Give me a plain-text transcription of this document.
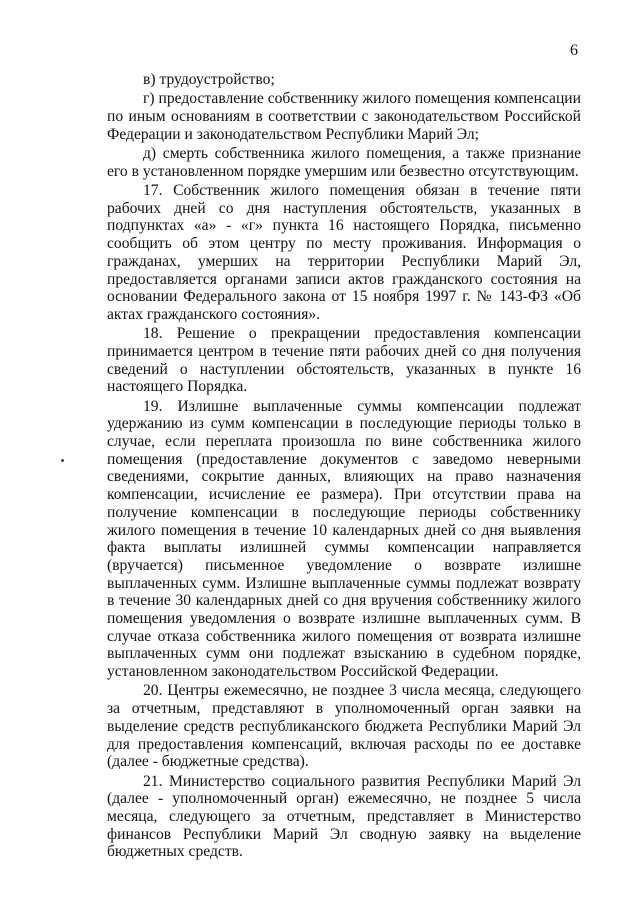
6

в) трудоустройство;

г) предоставление собственнику жилого помещения компенсации по иным основаниям в соответствии с законодательством Российской Федерации и законодательством Республики Марий Эл;

д) смерть собственника жилого помещения, а также признание его в установленном порядке умершим или безвестно отсутствующим.

17. Собственник жилого помещения обязан в течение пяти рабочих дней со дня наступления обстоятельств, указанных в подпунктах «а» - «г» пункта 16 настоящего Порядка, письменно сообщить об этом центру по месту проживания. Информация о гражданах, умерших на территории Республики Марий Эл, предоставляется органами записи актов гражданского состояния на основании Федерального закона от 15 ноября 1997 г. № 143-ФЗ «Об актах гражданского состояния».

18. Решение о прекращении предоставления компенсации принимается центром в течение пяти рабочих дней со дня получения сведений о наступлении обстоятельств, указанных в пункте 16 настоящего Порядка.

19. Излишне выплаченные суммы компенсации подлежат удержанию из сумм компенсации в последующие периоды только в случае, если переплата произошла по вине собственника жилого помещения (предоставление документов с заведомо неверными сведениями, сокрытие данных, влияющих на право назначения компенсации, исчисление ее размера). При отсутствии права на получение компенсации в последующие периоды собственнику жилого помещения в течение 10 календарных дней со дня выявления факта выплаты излишней суммы компенсации направляется (вручается) письменное уведомление о возврате излишне выплаченных сумм. Излишне выплаченные суммы подлежат возврату в течение 30 календарных дней со дня вручения собственнику жилого помещения уведомления о возврате излишне выплаченных сумм. В случае отказа собственника жилого помещения от возврата излишне выплаченных сумм они подлежат взысканию в судебном порядке, установленном законодательством Российской Федерации.

20. Центры ежемесячно, не позднее 3 числа месяца, следующего за отчетным, представляют в уполномоченный орган заявки на выделение средств республиканского бюджета Республики Марий Эл для предоставления компенсаций, включая расходы по ее доставке (далее - бюджетные средства).

21. Министерство социального развития Республики Марий Эл (далее - уполномоченный орган) ежемесячно, не позднее 5 числа месяца, следующего за отчетным, представляет в Министерство финансов Республики Марий Эл сводную заявку на выделение бюджетных средств.
